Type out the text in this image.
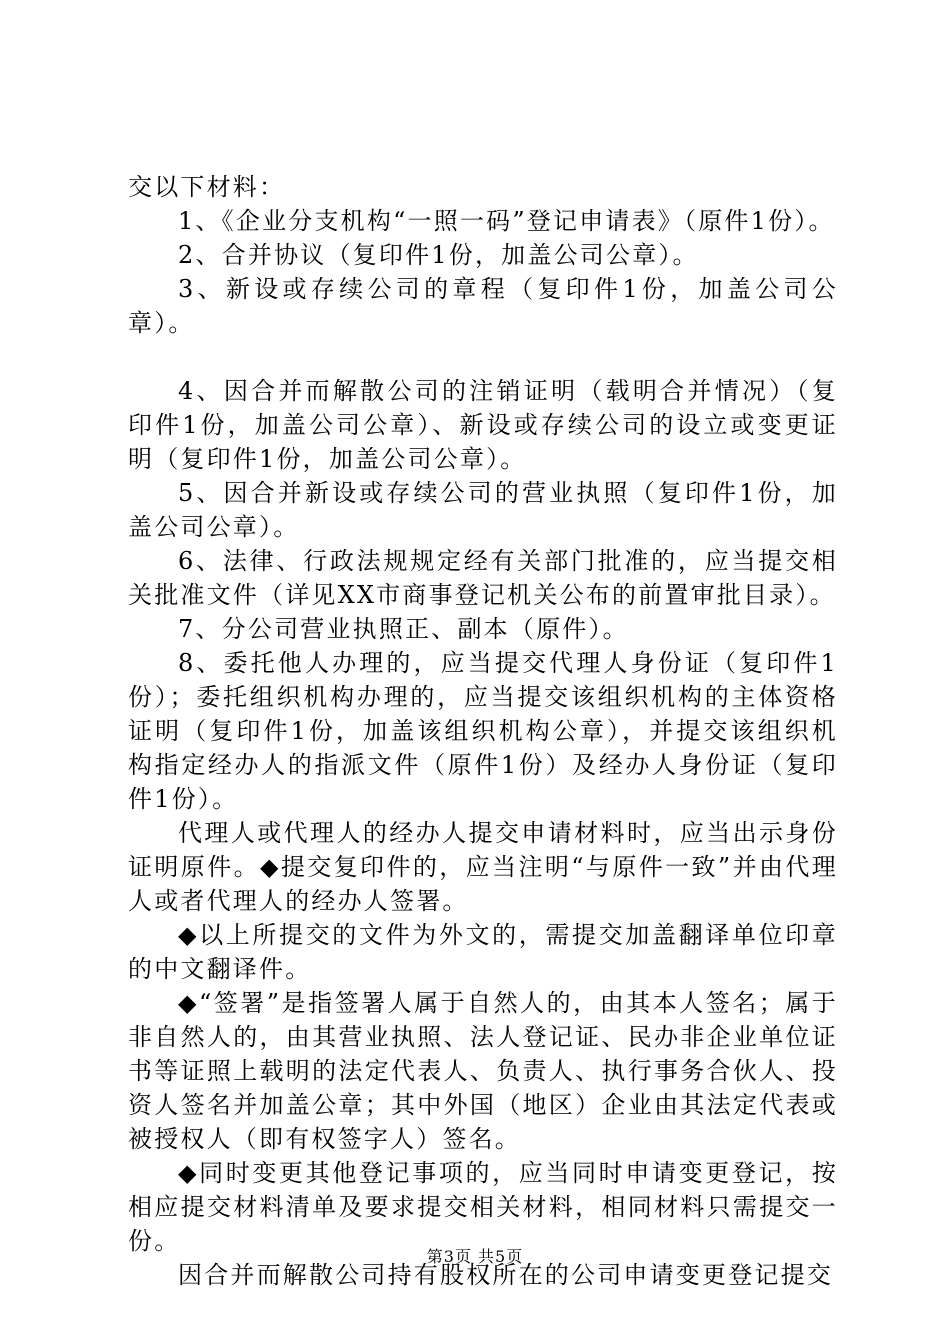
交以下材料：

1、《企业分支机构“一照一码”登记申请表》（原件1份）。

2、合并协议（复印件1份，加盖公司公章）。

3、新设或存续公司的章程（复印件1份，加盖公司公章）。

4、因合并而解散公司的注销证明（载明合并情况）（复印件1份，加盖公司公章）、新设或存续公司的设立或变更证明（复印件1份，加盖公司公章）。

5、因合并新设或存续公司的营业执照（复印件1份，加盖公司公章）。

6、法律、行政法规规定经有关部门批准的，应当提交相关批准文件（详见XX市商事登记机关公布的前置审批目录）。

7、分公司营业执照正、副本（原件）。

8、委托他人办理的，应当提交代理人身份证（复印件1份）；委托组织机构办理的，应当提交该组织机构的主体资格证明（复印件1份，加盖该组织机构公章），并提交该组织机构指定经办人的指派文件（原件1份）及经办人身份证（复印件1份）。

代理人或代理人的经办人提交申请材料时，应当出示身份证明原件。◆提交复印件的，应当注明“与原件一致”并由代理人或者代理人的经办人签署。

◆以上所提交的文件为外文的，需提交加盖翻译单位印章的中文翻译件。

◆“签署”是指签署人属于自然人的，由其本人签名；属于非自然人的，由其营业执照、法人登记证、民办非企业单位证书等证照上载明的法定代表人、负责人、执行事务合伙人、投资人签名并加盖公章；其中外国（地区）企业由其法定代表或被授权人（即有权签字人）签名。

◆同时变更其他登记事项的，应当同时申请变更登记，按相应提交材料清单及要求提交相关材料，相同材料只需提交一份。

因合并而解散公司持有股权所在的公司申请变更登记提交

第3页 共5页
